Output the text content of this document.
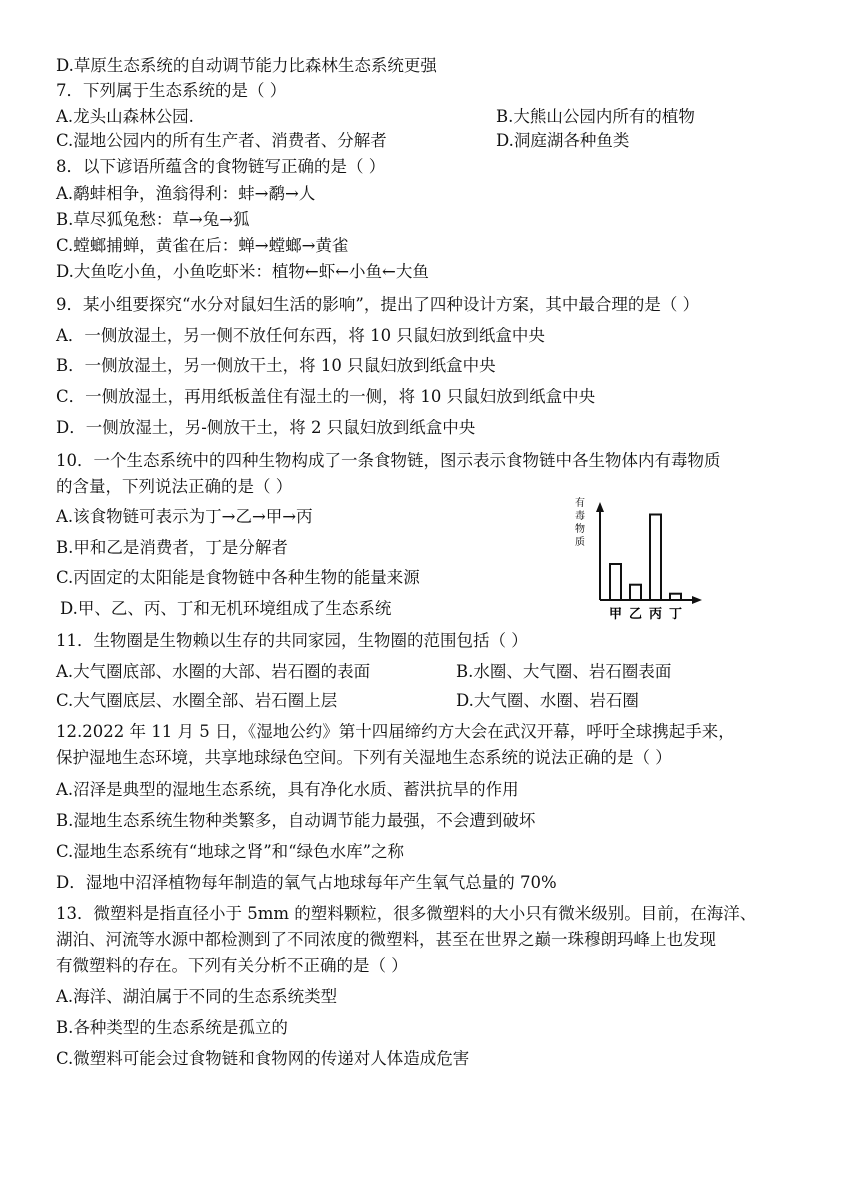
D.草原生态系统的自动调节能力比森林生态系统更强
7．下列属于生态系统的是（ ）
A.龙头山森林公园.	B.大熊山公园内所有的植物
C.湿地公园内的所有生产者、消费者、分解者	D.洞庭湖各种鱼类
8．以下谚语所蕴含的食物链写正确的是（ ）
A.鹬蚌相争，渔翁得利：蚌→鹬→人
B.草尽狐兔愁：草→兔→狐
C.螳螂捕蝉，黄雀在后：蝉→螳螂→黄雀
D.大鱼吃小鱼，小鱼吃虾米：植物←虾←小鱼←大鱼
9．某小组要探究“水分对鼠妇生活的影响”，提出了四种设计方案，其中最合理的是（ ）
A．一侧放湿土，另一侧不放任何东西，将 10 只鼠妇放到纸盒中央
B．一侧放湿土，另一侧放干土，将 10 只鼠妇放到纸盒中央
C．一侧放湿土，再用纸板盖住有湿土的一侧，将 10 只鼠妇放到纸盒中央
D．一侧放湿土，另-侧放干土，将 2 只鼠妇放到纸盒中央
10．一个生态系统中的四种生物构成了一条食物链，图示表示食物链中各生物体内有毒物质
的含量，下列说法正确的是（ ）
A.该食物链可表示为丁→乙→甲→丙
B.甲和乙是消费者，丁是分解者
C.丙固定的太阳能是食物链中各种生物的能量来源
D.甲、乙、丙、丁和无机环境组成了生态系统
有
毒
物
质
甲 乙 丙 丁
11．生物圈是生物赖以生存的共同家园，生物圈的范围包括（ ）
A.大气圈底部、水圈的大部、岩石圈的表面	B.水圈、大气圈、岩石圈表面
C.大气圈底层、水圈全部、岩石圈上层	D.大气圈、水圈、岩石圈
12.2022 年 11 月 5 日，《湿地公约》第十四届缔约方大会在武汉开幕，呼吁全球携起手来，
保护湿地生态环境，共享地球绿色空间。下列有关湿地生态系统的说法正确的是（ ）
A.沼泽是典型的湿地生态系统，具有净化水质、蓄洪抗旱的作用
B.湿地生态系统生物种类繁多，自动调节能力最强，不会遭到破坏
C.湿地生态系统有“地球之肾”和“绿色水库”之称
D．湿地中沼泽植物每年制造的氧气占地球每年产生氧气总量的 70%
13．微塑料是指直径小于 5mm 的塑料颗粒，很多微塑料的大小只有微米级别。目前，在海洋、
湖泊、河流等水源中都检测到了不同浓度的微塑料，甚至在世界之巅一珠穆朗玛峰上也发现
有微塑料的存在。下列有关分析不正确的是（ ）
A.海洋、湖泊属于不同的生态系统类型
B.各种类型的生态系统是孤立的
C.微塑料可能会过食物链和食物网的传递对人体造成危害
